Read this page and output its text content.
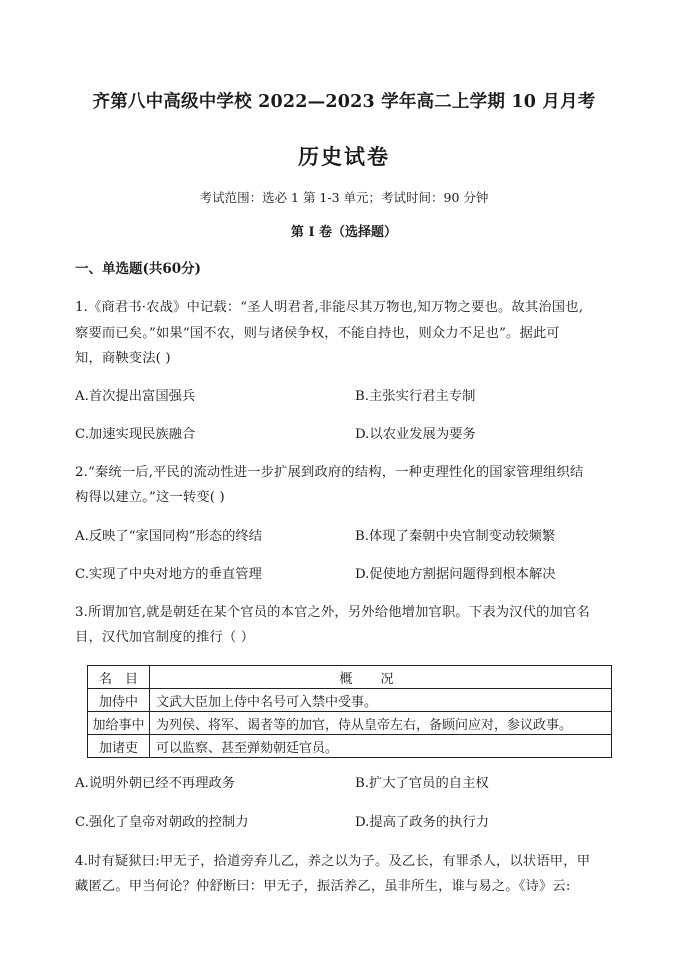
齐第八中高级中学校 2022—2023 学年高二上学期 10 月月考
历史试卷
考试范围：选必 1 第 1-3 单元；考试时间：90 分钟
第 I 卷（选择题）
一、单选题(共60分)
1.《商君书·农战》中记载：“圣人明君者,非能尽其万物也,知万物之要也。故其治国也,
察要而已矣。”如果“国不农，则与诸侯争权，不能自持也，则众力不足也”。据此可
知，商鞅变法( )
A.首次提出富国强兵	B.主张实行君主专制
C.加速实现民族融合	D.以农业发展为要务
2.“秦统一后,平民的流动性进一步扩展到政府的结构，一种吏理性化的国家管理组织结
构得以建立。”这一转变( )
A.反映了“家国同构”形态的终结	B.体现了秦朝中央官制变动较频繁
C.实现了中央对地方的垂直管理	D.促使地方割据问题得到根本解决
3.所谓加官,就是朝廷在某个官员的本官之外，另外给他增加官职。下表为汉代的加官名
目，汉代加官制度的推行（ ）
名　目	概况
加侍中	文武大臣加上侍中名号可入禁中受事。
加给事中	为列侯、将军、谒者等的加官，侍从皇帝左右，备顾问应对，参议政事。
加诸吏	可以监察、甚至弹劾朝廷官员。
A.说明外朝已经不再理政务	B.扩大了官员的自主权
C.强化了皇帝对朝政的控制力	D.提高了政务的执行力
4.时有疑狱曰:甲无子，拾道旁弃儿乙，养之以为子。及乙长，有罪杀人，以状语甲，甲
藏匿乙。甲当何论？仲舒断曰：甲无子，振活养乙，虽非所生，谁与易之。《诗》云:
